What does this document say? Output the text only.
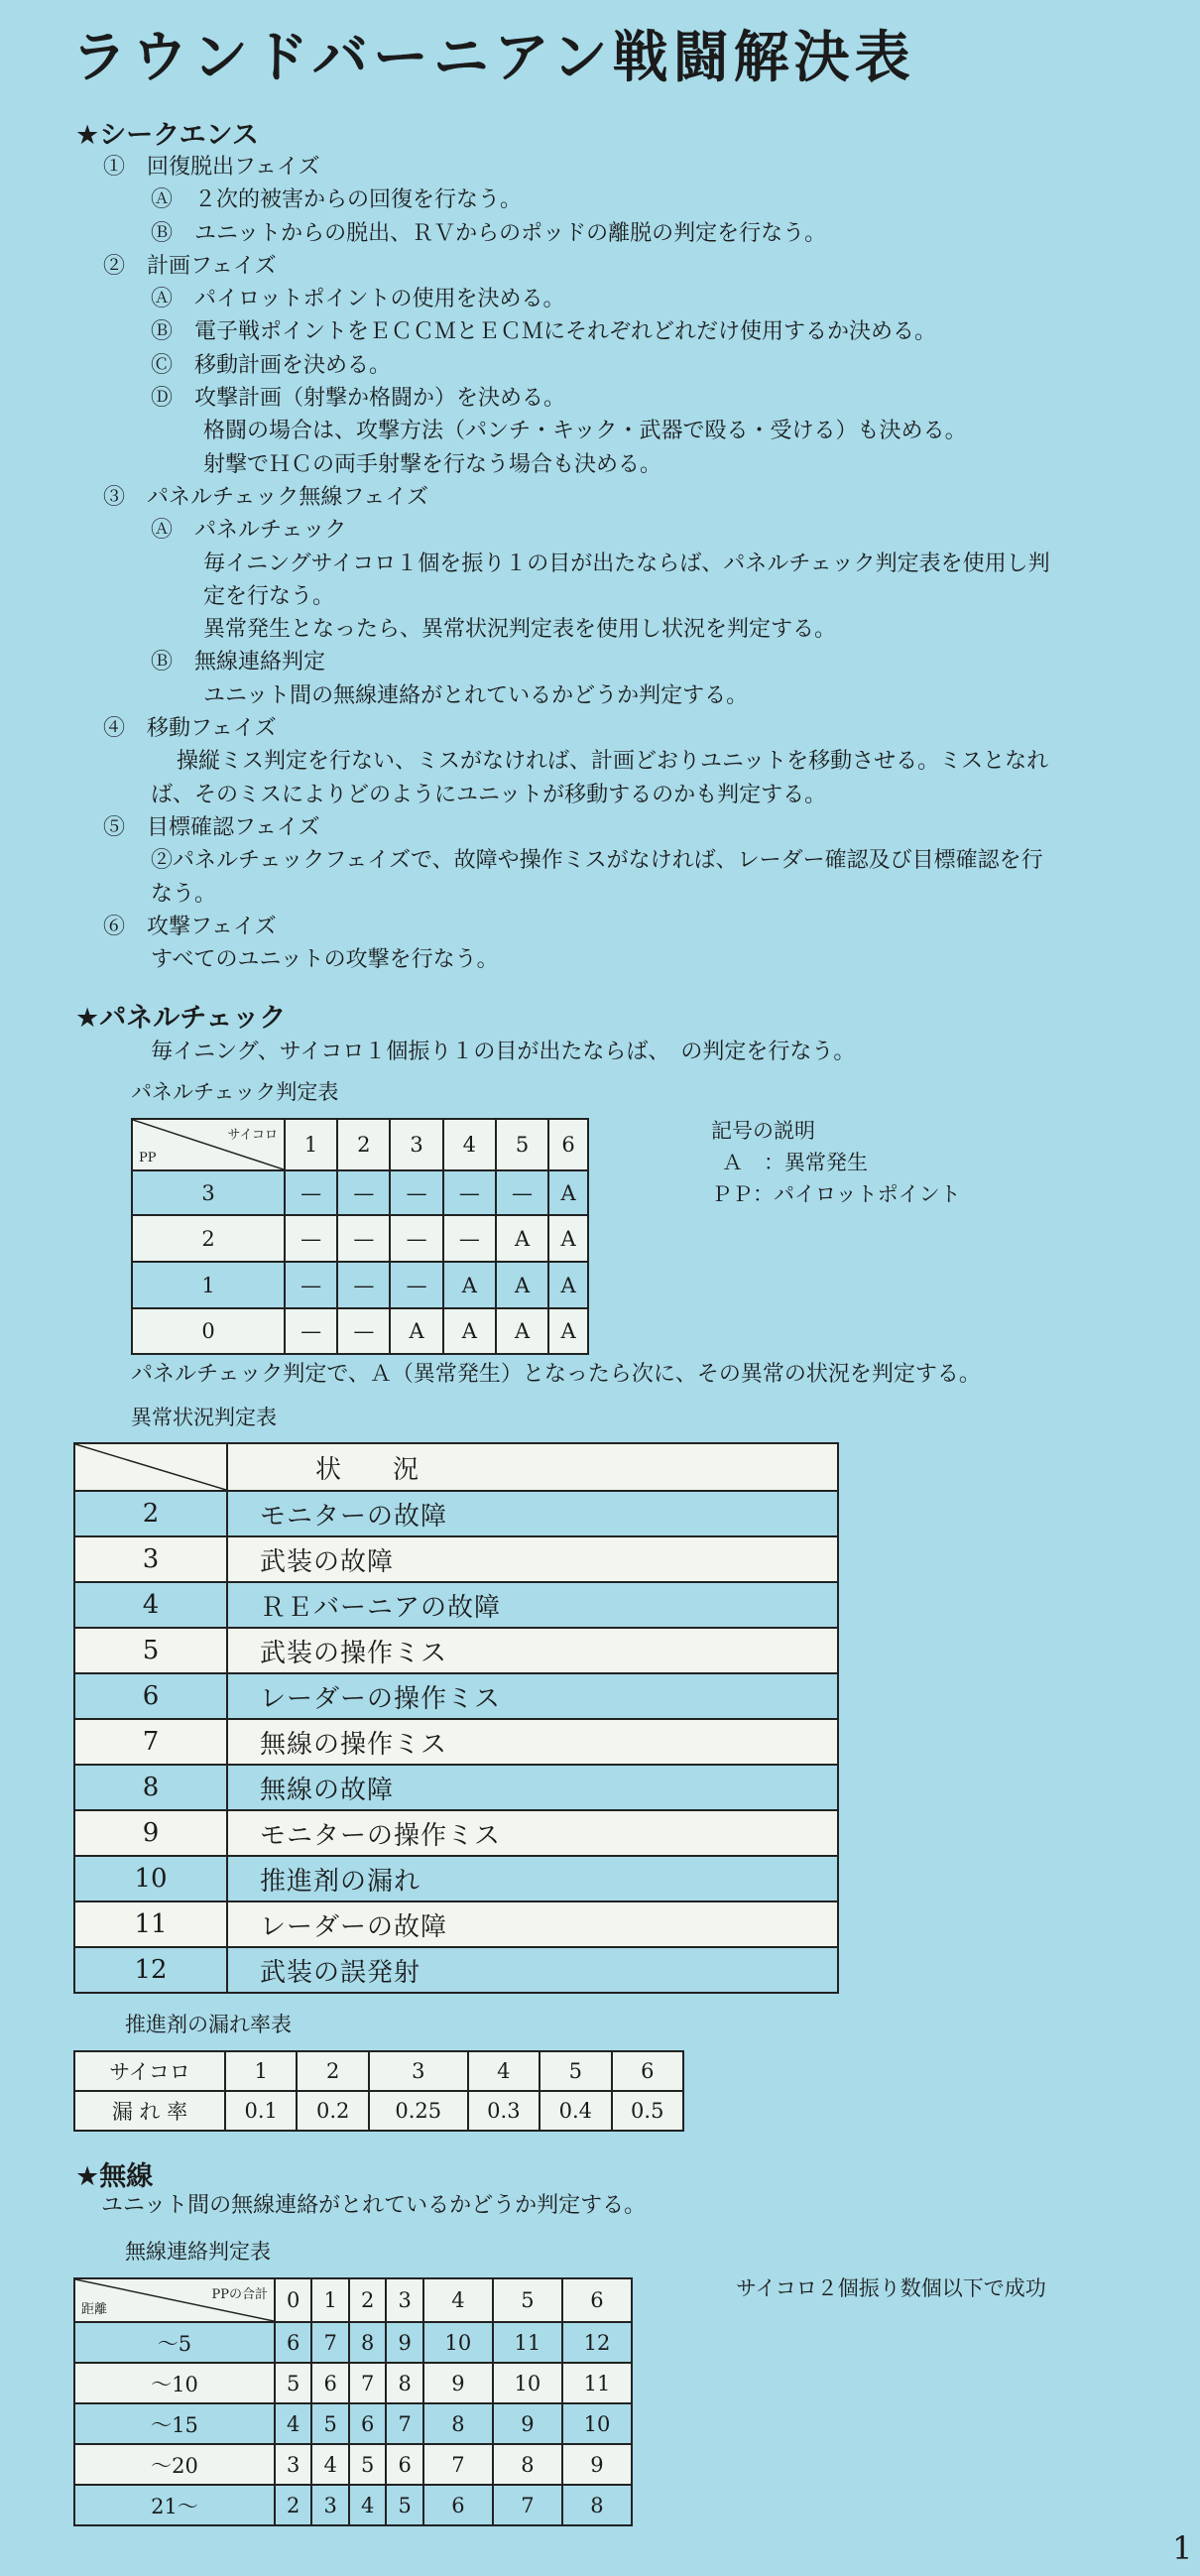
ラウンドバーニアン戦闘解決表
★シークエンス
①　回復脱出フェイズ
Ⓐ　２次的被害からの回復を行なう。
Ⓑ　ユニットからの脱出、ＲＶからのポッドの離脱の判定を行なう。
②　計画フェイズ
Ⓐ　パイロットポイントの使用を決める。
Ⓑ　電子戦ポイントをＥＣＣＭとＥＣＭにそれぞれどれだけ使用するか決める。
Ⓒ　移動計画を決める。
Ⓓ　攻撃計画（射撃か格闘か）を決める。
格闘の場合は、攻撃方法（パンチ・キック・武器で殴る・受ける）も決める。
射撃でＨＣの両手射撃を行なう場合も決める。
③　パネルチェック無線フェイズ
Ⓐ　パネルチェック
毎イニングサイコロ１個を振り１の目が出たならば、パネルチェック判定表を使用し判
定を行なう。
異常発生となったら、異常状況判定表を使用し状況を判定する。
Ⓑ　無線連絡判定
ユニット間の無線連絡がとれているかどうか判定する。
④　移動フェイズ
操縦ミス判定を行ない、ミスがなければ、計画どおりユニットを移動させる。ミスとなれ
ば、そのミスによりどのようにユニットが移動するのかも判定する。
⑤　目標確認フェイズ
②パネルチェックフェイズで、故障や操作ミスがなければ、レーダー確認及び目標確認を行
なう。
⑥　攻撃フェイズ
すべてのユニットの攻撃を行なう。
★パネルチェック
毎イニング、サイコロ１個振り１の目が出たならば、　の判定を行なう。
パネルチェック判定表
サイコロ
PP	1	2	3	4	5	6
3	—	—	—	—	—	A
2	—	—	—	—	A	A
1	—	—	—	A	A	A
0	—	—	A	A	A	A
記号の説明
Ａ　：異常発生
ＰＰ：パイロットポイント
パネルチェック判定で、Ａ（異常発生）となったら次に、その異常の状況を判定する。
異常状況判定表
	状　　況
2	モニターの故障
3	武装の故障
4	ＲＥバーニアの故障
5	武装の操作ミス
6	レーダーの操作ミス
7	無線の操作ミス
8	無線の故障
9	モニターの操作ミス
10	推進剤の漏れ
11	レーダーの故障
12	武装の誤発射
推進剤の漏れ率表
サイコロ	1	2	3	4	5	6
漏 れ 率	0.1	0.2	0.25	0.3	0.4	0.5
★無線
ユニット間の無線連絡がとれているかどうか判定する。
無線連絡判定表
PPの合計
距離	0	1	2	3	4	5	6
～5	6	7	8	9	10	11	12
～10	5	6	7	8	9	10	11
～15	4	5	6	7	8	9	10
～20	3	4	5	6	7	8	9
21～	2	3	4	5	6	7	8
サイコロ２個振り数個以下で成功
1
